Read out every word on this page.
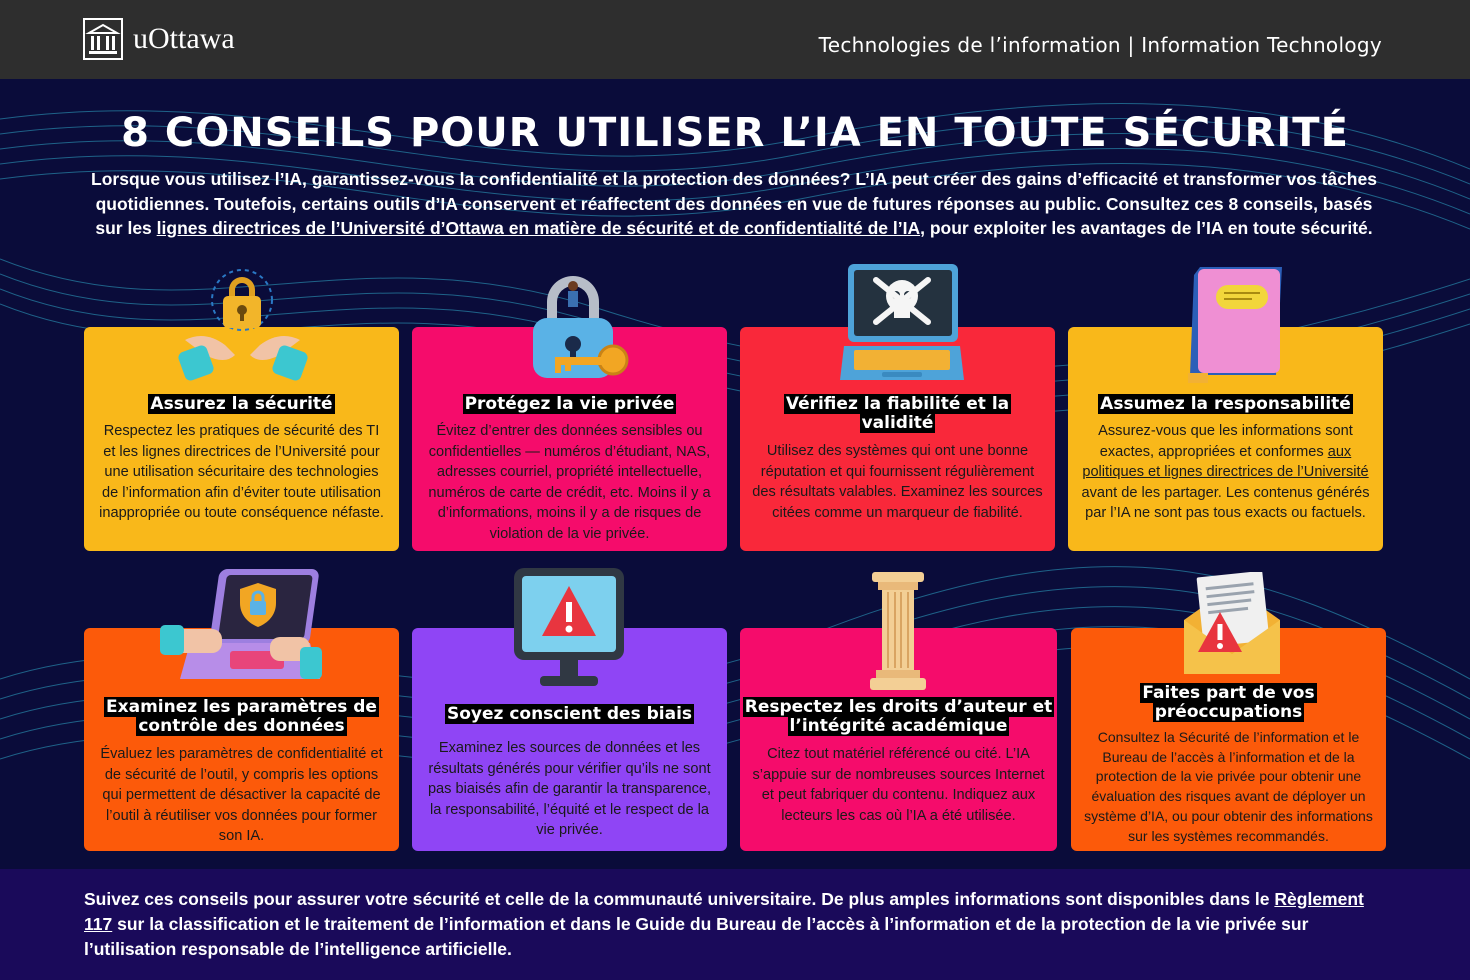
uOttawa	Technologies de l’information | Information Technology
8 CONSEILS POUR UTILISER L’IA EN TOUTE SÉCURITÉ
Lorsque vous utilisez l’IA, garantissez-vous la confidentialité et la protection des données? L’IA peut créer des gains d’efficacité et transformer vos tâches quotidiennes. Toutefois, certains outils d’IA conservent et réaffectent des données en vue de futures réponses au public. Consultez ces 8 conseils, basés sur les lignes directrices de l’Université d’Ottawa en matière de sécurité et de confidentialité de l’IA, pour exploiter les avantages de l’IA en toute sécurité.
Assurez la sécurité
Respectez les pratiques de sécurité des TI et les lignes directrices de l’Université pour une utilisation sécuritaire des technologies de l’information afin d’éviter toute utilisation inappropriée ou toute conséquence néfaste.
Protégez la vie privée
Évitez d’entrer des données sensibles ou confidentielles — numéros d’étudiant, NAS, adresses courriel, propriété intellectuelle, numéros de carte de crédit, etc. Moins il y a d’informations, moins il y a de risques de violation de la vie privée.
Vérifiez la fiabilité et la validité
Utilisez des systèmes qui ont une bonne réputation et qui fournissent régulièrement des résultats valables. Examinez les sources citées comme un marqueur de fiabilité.
Assumez la responsabilité
Assurez-vous que les informations sont exactes, appropriées et conformes aux politiques et lignes directrices de l’Université avant de les partager. Les contenus générés par l’IA ne sont pas tous exacts ou factuels.
Examinez les paramètres de contrôle des données
Évaluez les paramètres de confidentialité et de sécurité de l’outil, y compris les options qui permettent de désactiver la capacité de l’outil à réutiliser vos données pour former son IA.
Soyez conscient des biais
Examinez les sources de données et les résultats générés pour vérifier qu’ils ne sont pas biaisés afin de garantir la transparence, la responsabilité, l’équité et le respect de la vie privée.
Respectez les droits d’auteur et l’intégrité académique
Citez tout matériel référencé ou cité. L’IA s’appuie sur de nombreuses sources Internet et peut fabriquer du contenu. Indiquez aux lecteurs les cas où l’IA a été utilisée.
Faites part de vos préoccupations
Consultez la Sécurité de l’information et le Bureau de l’accès à l’information et de la protection de la vie privée pour obtenir une évaluation des risques avant de déployer un système d’IA, ou pour obtenir des informations sur les systèmes recommandés.
Suivez ces conseils pour assurer votre sécurité et celle de la communauté universitaire. De plus amples informations sont disponibles dans le Règlement 117 sur la classification et le traitement de l’information et dans le Guide du Bureau de l’accès à l’information et de la protection de la vie privée sur l’utilisation responsable de l’intelligence artificielle.
